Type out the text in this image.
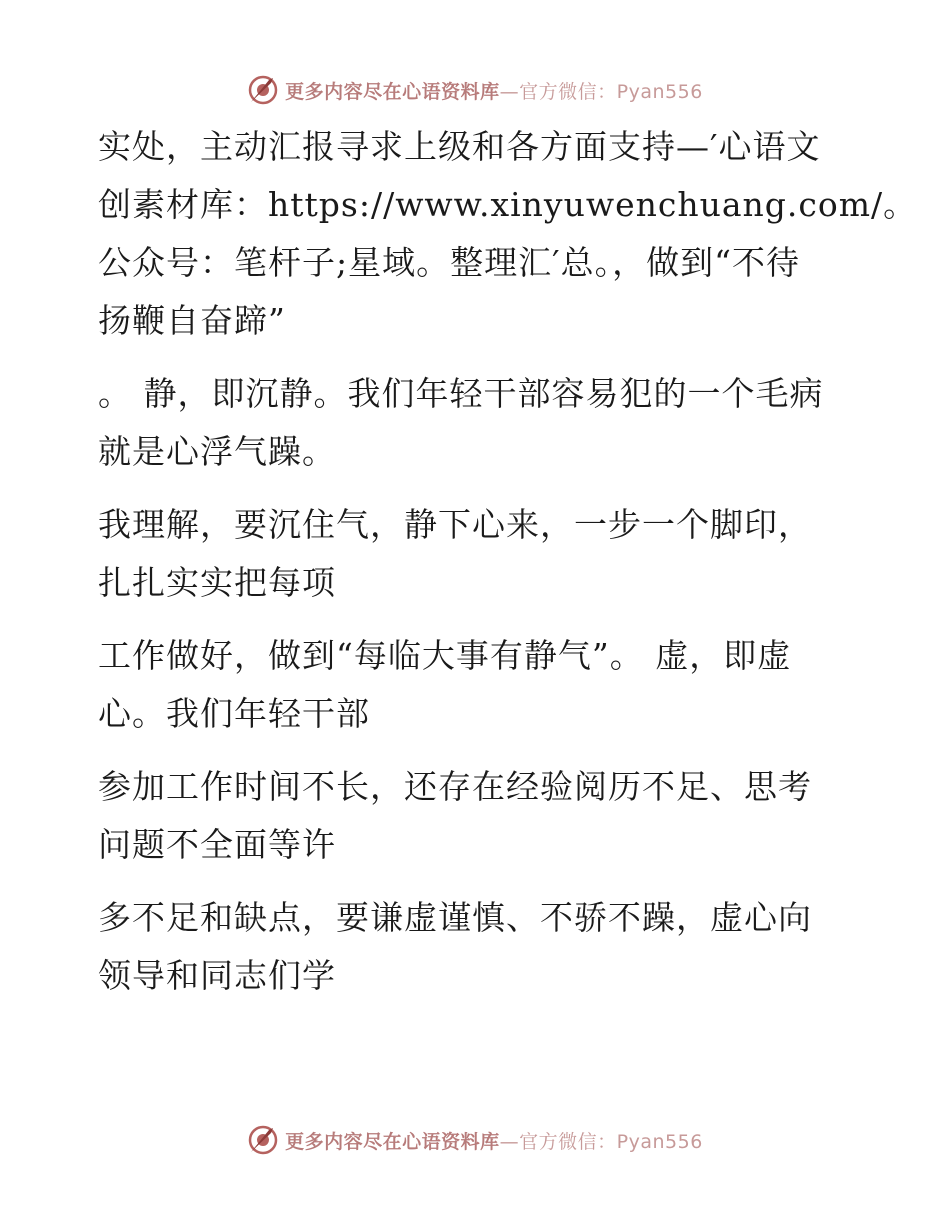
更多内容尽在心语资料库—官方微信：Pyan556
实处，主动汇报寻求上级和各方面支持—′心语文
创素材库：https://www.xinyuwenchuang.com/。
公众号：笔杆子;星域。整理汇′总。，做到“不待
扬鞭自奋蹄”
。 静，即沉静。我们年轻干部容易犯的一个毛病
就是心浮气躁。
我理解，要沉住气，静下心来，一步一个脚印，
扎扎实实把每项
工作做好，做到“每临大事有静气”。 虚，即虚
心。我们年轻干部
参加工作时间不长，还存在经验阅历不足、思考
问题不全面等许
多不足和缺点，要谦虚谨慎、不骄不躁，虚心向
领导和同志们学
更多内容尽在心语资料库—官方微信：Pyan556
